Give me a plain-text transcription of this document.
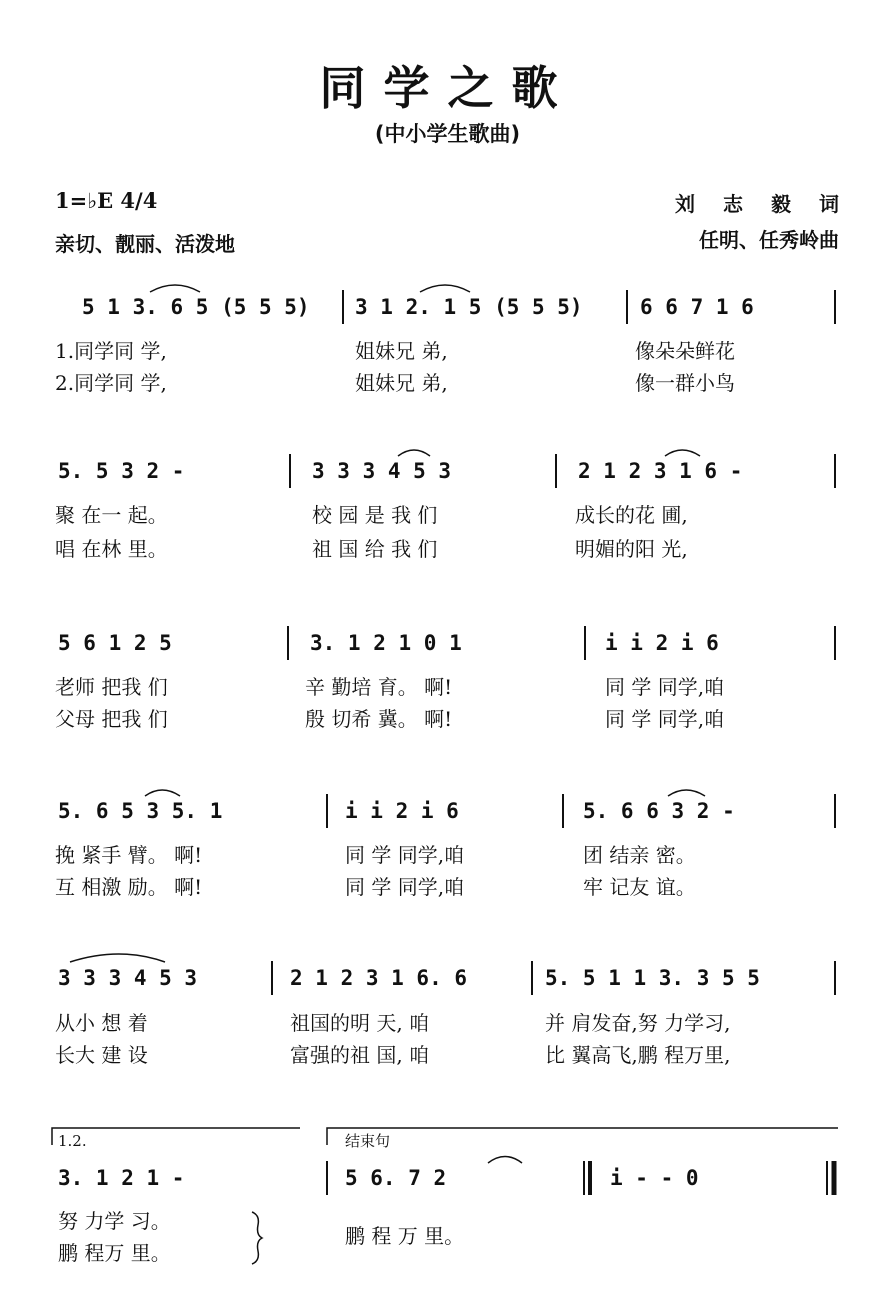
同学之歌
(中小学生歌曲)
1=♭E 4/4
亲切、靓丽、活泼地
刘志毅词
任明、任秀岭曲
5 1 3. 6 5 (5 5 5) 3 1 2. 1 5 (5 5 5)	6 6 7 1 6
1.同学同 学,	姐妹兄 弟,	像朵朵鲜花
2.同学同 学,	姐妹兄 弟,	像一群小鸟
5. 5 3 2 -	3 3 3 4 5 3	2 1 2 3 1 6 -
聚 在一 起。	校 园 是 我 们	成长的花 圃,
唱 在林 里。	祖 国 给 我 们	明媚的阳 光,
5 6 1 2 5	3. 1 2 1 0 1	i i 2 i 6
老师 把我 们	辛 勤培 育。 啊!	同 学 同学,咱
父母 把我 们	殷 切希 冀。 啊!	同 学 同学,咱
5. 6 5 3 5. 1	i i 2 i 6	5. 6 6 3 2 -
挽 紧手 臂。 啊!	同 学 同学,咱	团 结亲 密。
互 相激 励。 啊!	同 学 同学,咱	牢 记友 谊。
3 3 3 4 5 3	2 1 2 3 1 6. 6	5. 5 1 1 3. 3 5 5
从小 想 着	祖国的明 天, 咱	并 肩发奋,努 力学习,
长大 建 设	富强的祖 国, 咱	比 翼高飞,鹏 程万里,
1.2.	结束句
3. 1 2 1 -	5 6. 7 2	i - - 0
努 力学 习。
鹏 程 万 里。
鹏 程万 里。
